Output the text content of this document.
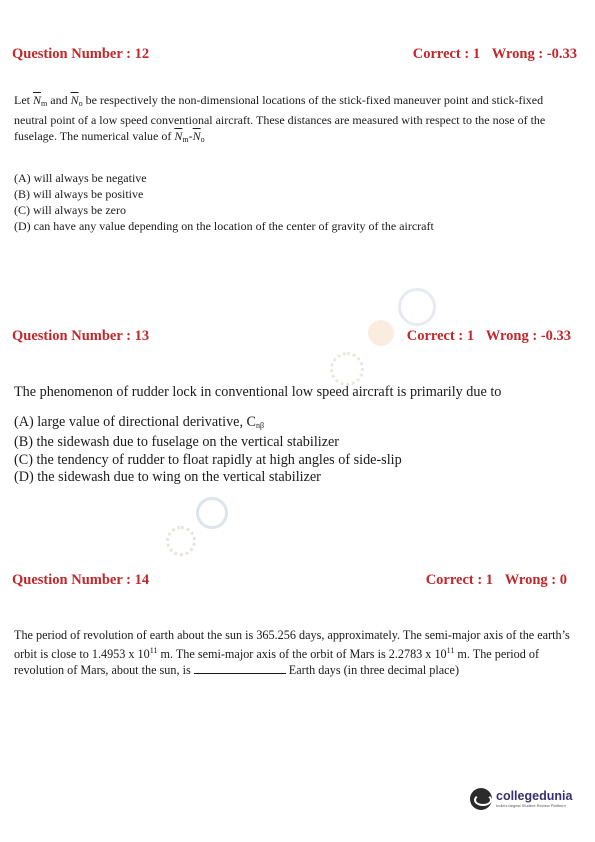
Question Number : 12	Correct : 1 Wrong : -0.33
Let $\overline{N}_m$ and $\overline{N}_o$ be respectively the non-dimensional locations of the stick-fixed maneuver point and stick-fixed neutral point of a low speed conventional aircraft. These distances are measured with respect to the nose of the fuselage. The numerical value of $\overline{N}_m-\overline{N}_o$
(A) will always be negative
(B) will always be positive
(C) will always be zero
(D) can have any value depending on the location of the center of gravity of the aircraft
Question Number : 13	Correct : 1 Wrong : -0.33
The phenomenon of rudder lock in conventional low speed aircraft is primarily due to
(A) large value of directional derivative, $C_{n\beta}$
(B) the sidewash due to fuselage on the vertical stabilizer
(C) the tendency of rudder to float rapidly at high angles of side-slip
(D) the sidewash due to wing on the vertical stabilizer
Question Number : 14	Correct : 1 Wrong : 0
The period of revolution of earth about the sun is 365.256 days, approximately. The semi-major axis of the earth’s orbit is close to 1.4953 x $10^{11}$ m. The semi-major axis of the orbit of Mars is 2.2783 x $10^{11}$ m. The period of revolution of Mars, about the sun, is	Earth days (in three decimal place)
collegedunia
India's largest Student Review Platform
